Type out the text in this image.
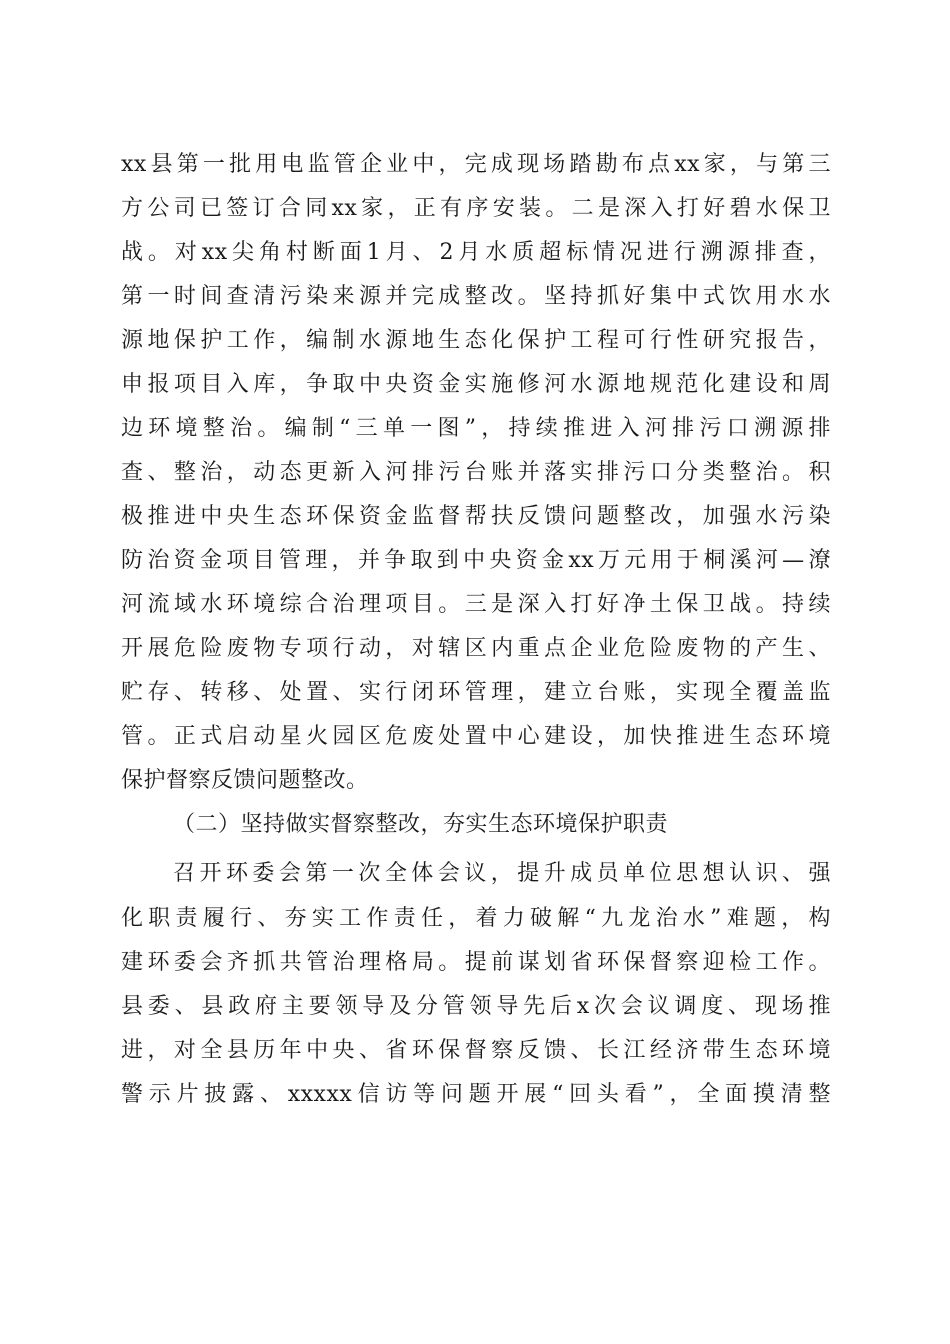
xx县第一批用电监管企业中，完成现场踏勘布点xx家，与第三
方公司已签订合同xx家，正有序安装。二是深入打好碧水保卫
战。对xx尖角村断面1月、2月水质超标情况进行溯源排查，
第一时间查清污染来源并完成整改。坚持抓好集中式饮用水水
源地保护工作，编制水源地生态化保护工程可行性研究报告，
申报项目入库，争取中央资金实施修河水源地规范化建设和周
边环境整治。编制“三单一图”，持续推进入河排污口溯源排
查、整治，动态更新入河排污台账并落实排污口分类整治。积
极推进中央生态环保资金监督帮扶反馈问题整改，加强水污染
防治资金项目管理，并争取到中央资金xx万元用于桐溪河—潦
河流域水环境综合治理项目。三是深入打好净土保卫战。持续
开展危险废物专项行动，对辖区内重点企业危险废物的产生、
贮存、转移、处置、实行闭环管理，建立台账，实现全覆盖监
管。正式启动星火园区危废处置中心建设，加快推进生态环境
保护督察反馈问题整改。
（二）坚持做实督察整改，夯实生态环境保护职责
召开环委会第一次全体会议，提升成员单位思想认识、强
化职责履行、夯实工作责任，着力破解“九龙治水”难题，构
建环委会齐抓共管治理格局。提前谋划省环保督察迎检工作。
县委、县政府主要领导及分管领导先后x次会议调度、现场推
进，对全县历年中央、省环保督察反馈、长江经济带生态环境
警示片披露、xxxxx信访等问题开展“回头看”，全面摸清整
